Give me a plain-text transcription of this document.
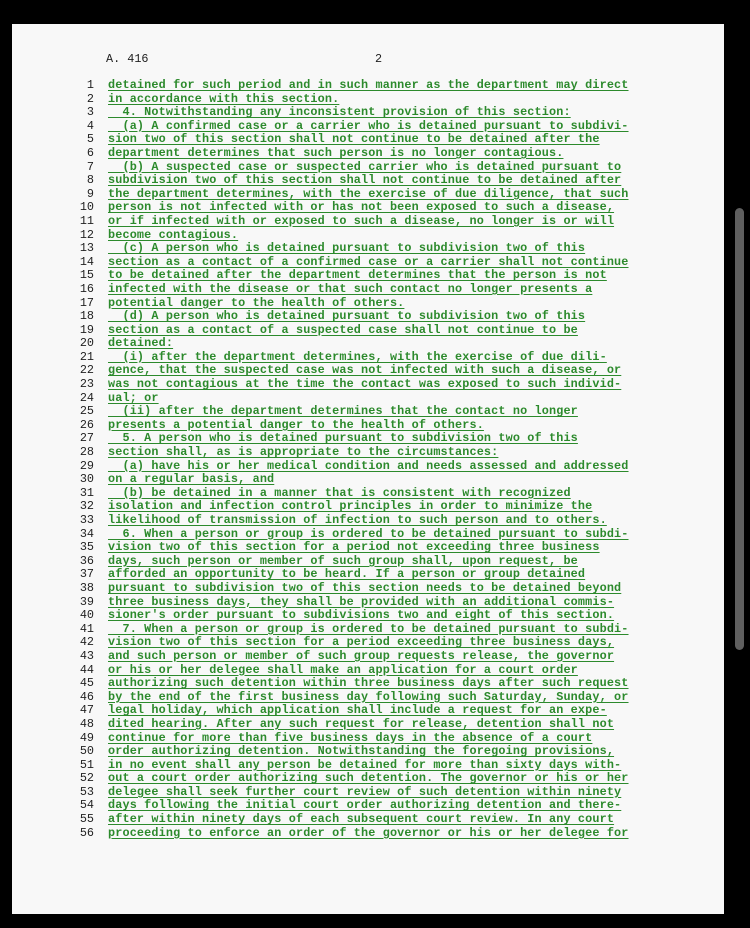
A. 416	2
1 detained for such period and in such manner as the department may direct
2 in accordance with this section.
3 4. Notwithstanding any inconsistent provision of this section:
4 (a) A confirmed case or a carrier who is detained pursuant to subdivi-
5 sion two of this section shall not continue to be detained after the
6 department determines that such person is no longer contagious.
7 (b) A suspected case or suspected carrier who is detained pursuant to
8 subdivision two of this section shall not continue to be detained after
9 the department determines, with the exercise of due diligence, that such
10 person is not infected with or has not been exposed to such a disease,
11 or if infected with or exposed to such a disease, no longer is or will
12 become contagious.
13 (c) A person who is detained pursuant to subdivision two of this
14 section as a contact of a confirmed case or a carrier shall not continue
15 to be detained after the department determines that the person is not
16 infected with the disease or that such contact no longer presents a
17 potential danger to the health of others.
18 (d) A person who is detained pursuant to subdivision two of this
19 section as a contact of a suspected case shall not continue to be
20 detained:
21 (i) after the department determines, with the exercise of due dili-
22 gence, that the suspected case was not infected with such a disease, or
23 was not contagious at the time the contact was exposed to such individ-
24 ual; or
25 (ii) after the department determines that the contact no longer
26 presents a potential danger to the health of others.
27 5. A person who is detained pursuant to subdivision two of this
28 section shall, as is appropriate to the circumstances:
29 (a) have his or her medical condition and needs assessed and addressed
30 on a regular basis, and
31 (b) be detained in a manner that is consistent with recognized
32 isolation and infection control principles in order to minimize the
33 likelihood of transmission of infection to such person and to others.
34 6. When a person or group is ordered to be detained pursuant to subdi-
35 vision two of this section for a period not exceeding three business
36 days, such person or member of such group shall, upon request, be
37 afforded an opportunity to be heard. If a person or group detained
38 pursuant to subdivision two of this section needs to be detained beyond
39 three business days, they shall be provided with an additional commis-
40 sioner's order pursuant to subdivisions two and eight of this section.
41 7. When a person or group is ordered to be detained pursuant to subdi-
42 vision two of this section for a period exceeding three business days,
43 and such person or member of such group requests release, the governor
44 or his or her delegee shall make an application for a court order
45 authorizing such detention within three business days after such request
46 by the end of the first business day following such Saturday, Sunday, or
47 legal holiday, which application shall include a request for an expe-
48 dited hearing. After any such request for release, detention shall not
49 continue for more than five business days in the absence of a court
50 order authorizing detention. Notwithstanding the foregoing provisions,
51 in no event shall any person be detained for more than sixty days with-
52 out a court order authorizing such detention. The governor or his or her
53 delegee shall seek further court review of such detention within ninety
54 days following the initial court order authorizing detention and there-
55 after within ninety days of each subsequent court review. In any court
56 proceeding to enforce an order of the governor or his or her delegee for
